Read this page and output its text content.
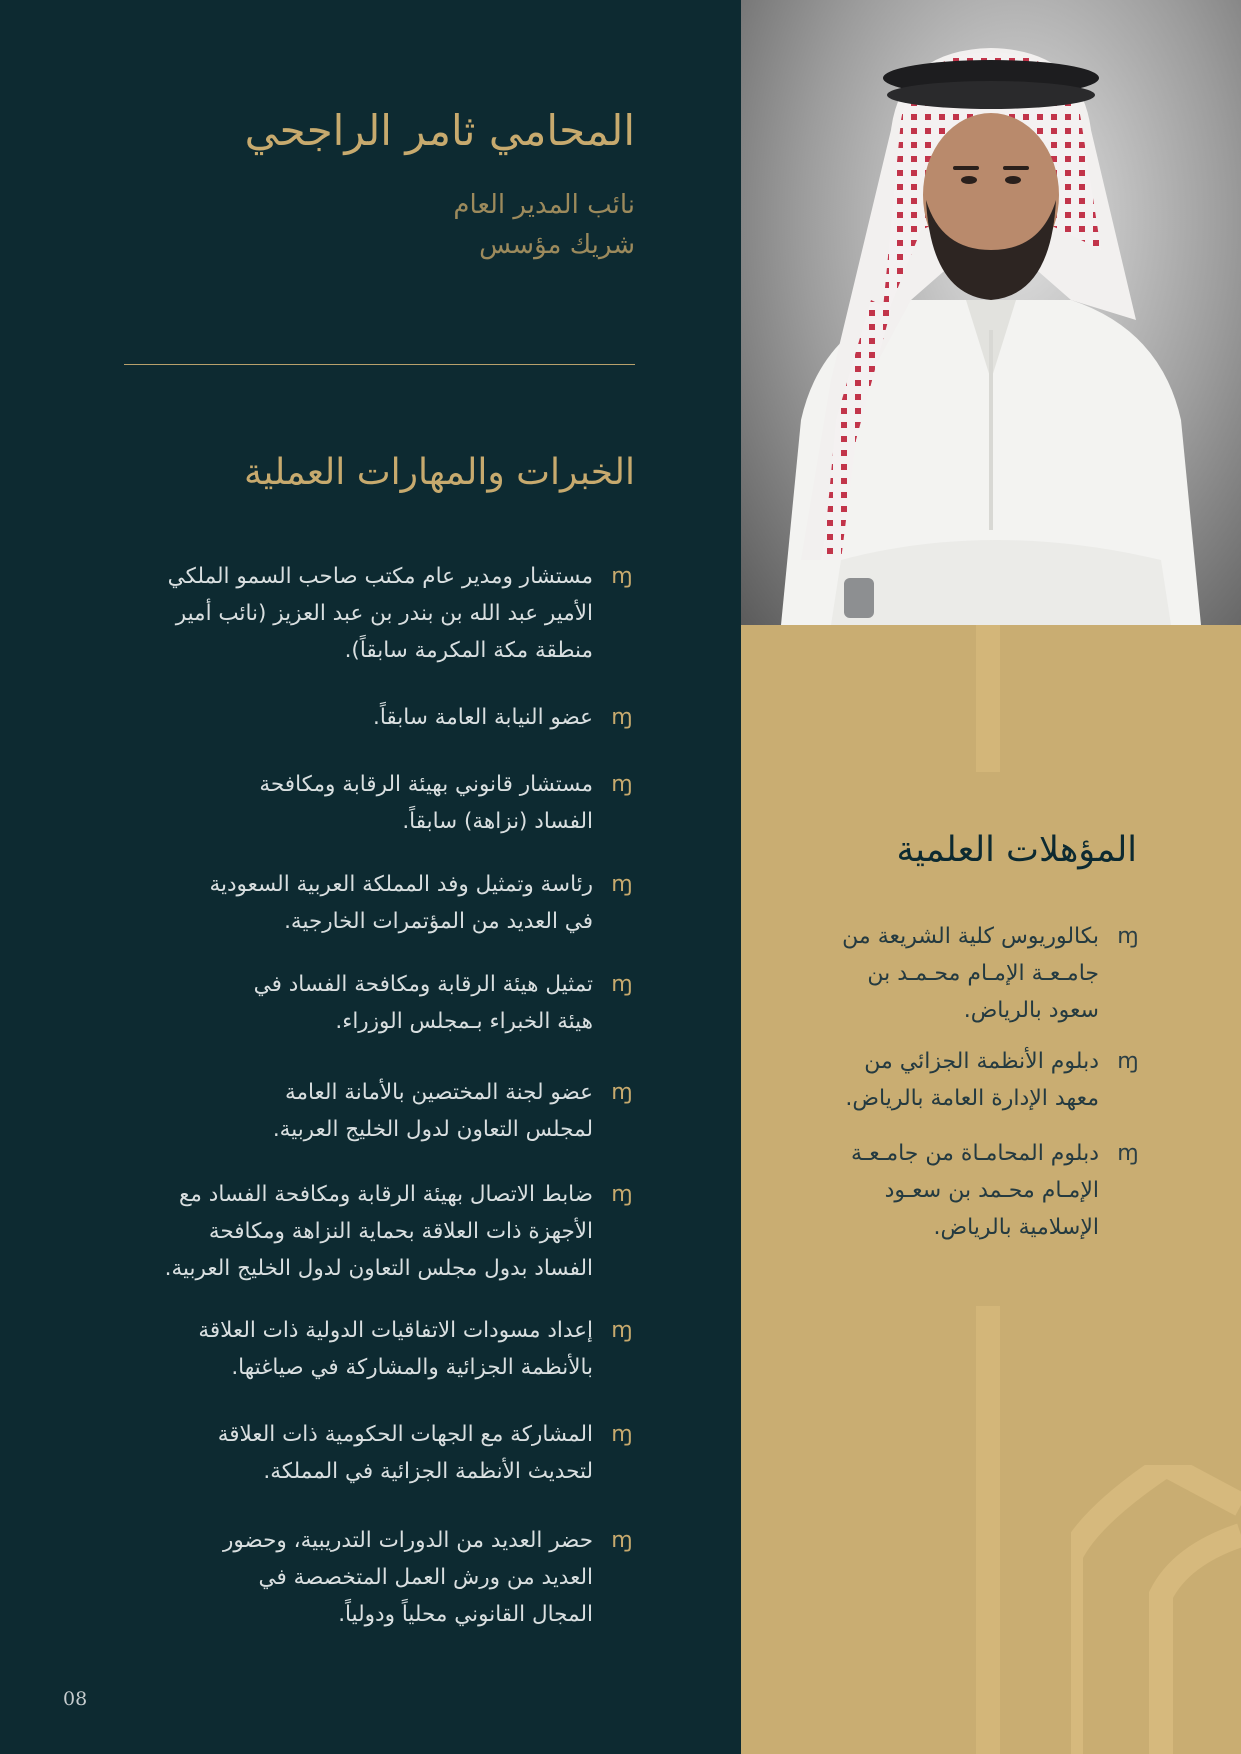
المحامي ثامر الراجحي
نائب المدير العام
شريك مؤسس
الخبرات والمهارات العملية
مستشار ومدير عام مكتب صاحب السمو الملكي
الأمير عبد الله بن بندر بن عبد العزيز (نائب أمير
منطقة مكة المكرمة سابقاً).
عضو النيابة العامة سابقاً.
مستشار قانوني بهيئة الرقابة ومكافحة
الفساد (نزاهة) سابقاً.
رئاسة وتمثيل وفد المملكة العربية السعودية
في العديد من المؤتمرات الخارجية.
تمثيل هيئة الرقابة ومكافحة الفساد في
هيئة الخبراء بـمجلس الوزراء.
عضو لجنة المختصين بالأمانة العامة
لمجلس التعاون لدول الخليج العربية.
ضابط الاتصال بهيئة الرقابة ومكافحة الفساد مع
الأجهزة ذات العلاقة بحماية النزاهة ومكافحة
الفساد بدول مجلس التعاون لدول الخليج العربية.
إعداد مسودات الاتفاقيات الدولية ذات العلاقة
بالأنظمة الجزائية والمشاركة في صياغتها.
المشاركة مع الجهات الحكومية ذات العلاقة
لتحديث الأنظمة الجزائية في المملكة.
حضر العديد من الدورات التدريبية، وحضور
العديد من ورش العمل المتخصصة في
المجال القانوني محلياً ودولياً.
ɱ
ɱ
ɱ
ɱ
ɱ
ɱ
ɱ
ɱ
ɱ
ɱ
المؤهلات العلمية
بكالوريوس كلية الشريعة من
جامـعـة الإمـام محـمـد بن
سعود بالرياض.
دبلوم الأنظمة الجزائي من
معهد الإدارة العامة بالرياض.
دبلوم المحامـاة من جامـعـة
الإمـام محـمد بن سعـود
الإسلامية بالرياض.
ɱ
ɱ
ɱ
08
